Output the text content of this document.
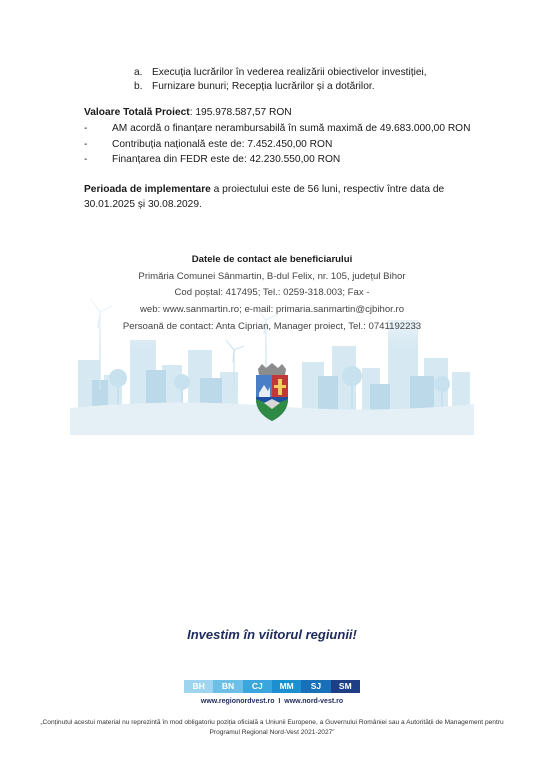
a. Execuția lucrărilor în vederea realizării obiectivelor investiției,
b. Furnizare bunuri; Recepția lucrărilor și a dotărilor.
Valoare Totală Proiect: 195.978.587,57 RON
-	AM acordă o finanțare nerambursabilă în sumă maximă de 49.683.000,00 RON
-	Contribuția națională este de: 7.452.450,00 RON
-	Finanțarea din FEDR este de: 42.230.550,00 RON
Perioada de implementare a proiectului este de 56 luni, respectiv între data de 30.01.2025 și 30.08.2029.
Datele de contact ale beneficiarului
Primăria Comunei Sânmartin, B-dul Felix, nr. 105, județul Bihor
Cod poștal: 417495; Tel.: 0259-318.003; Fax -
web: www.sanmartin.ro; e-mail: primaria.sanmartin@cjbihor.ro
Persoană de contact: Anta Ciprian, Manager proiect, Tel.: 0741192233
Investim în viitorul regiunii!
BH	BN	CJ	MM	SJ	SM
www.regionordvest.ro I www.nord-vest.ro
„Conținutul acestui material nu reprezintă în mod obligatoriu poziția oficială a Uniunii Europene, a Guvernului României sau a Autorității de Management pentru Programul Regional Nord-Vest 2021-2027”
